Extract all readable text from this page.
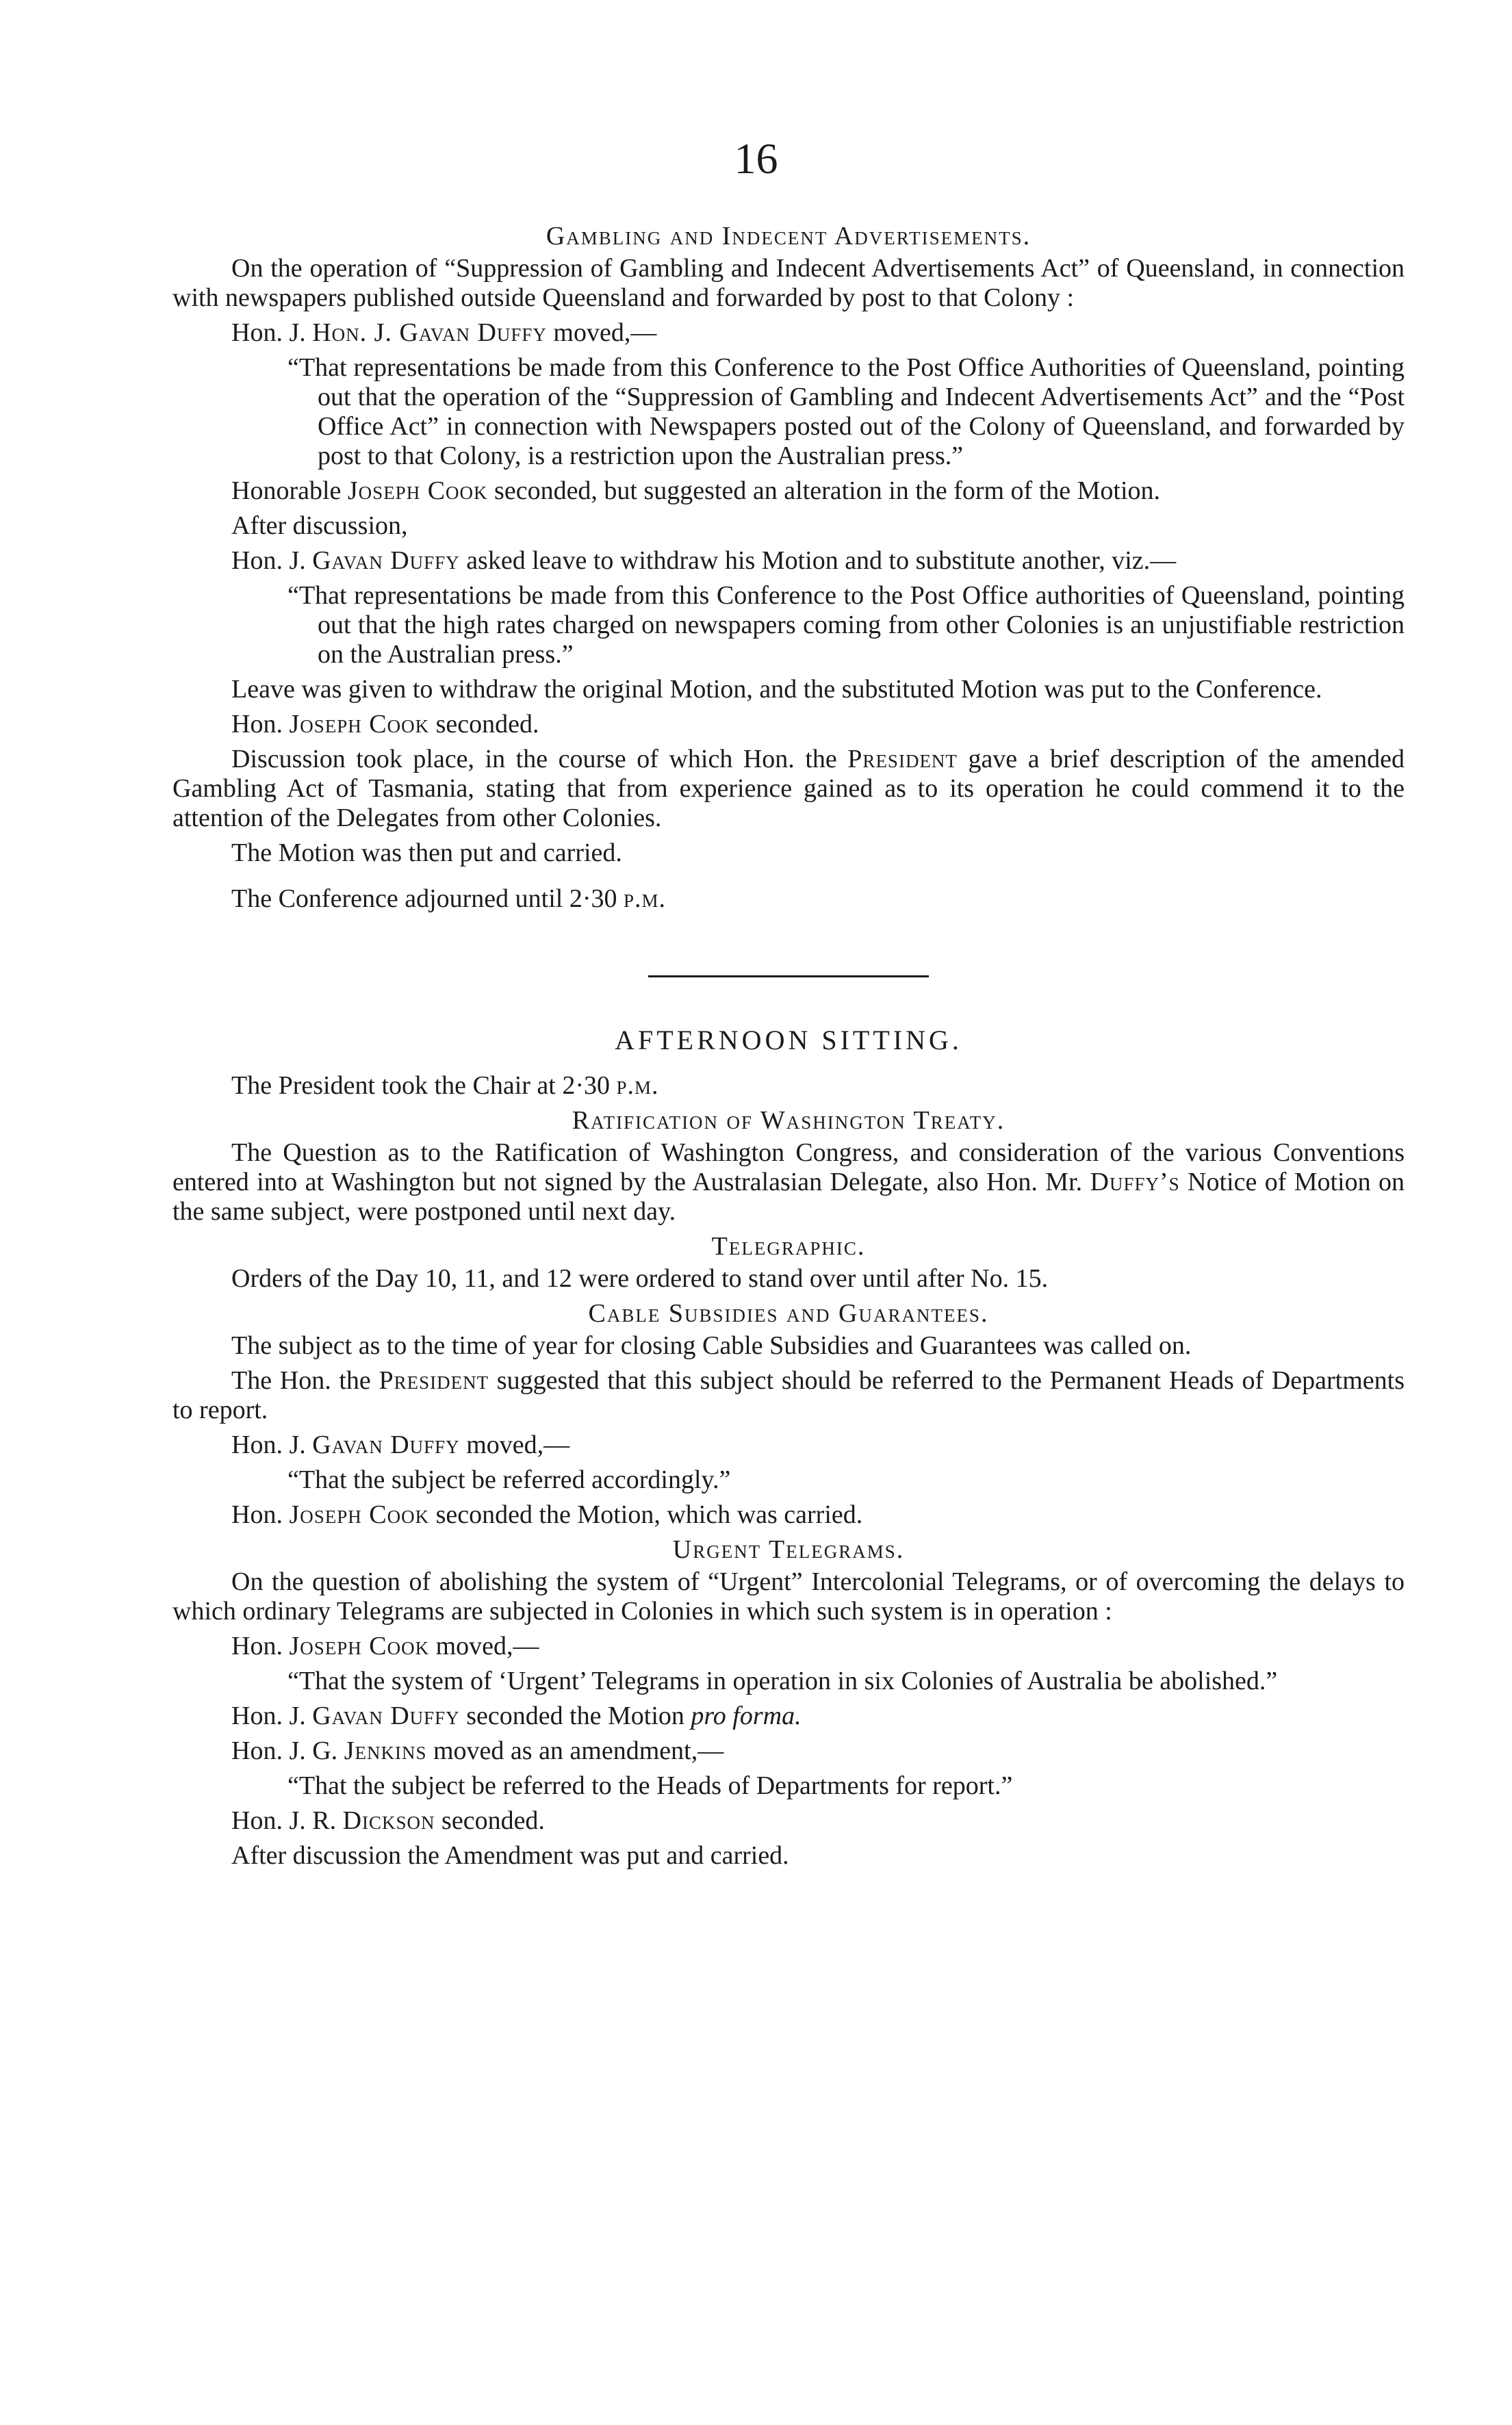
16
Gambling and Indecent Advertisements.
On the operation of “Suppression of Gambling and Indecent Advertisements Act” of Queensland, in connection with newspapers published outside Queensland and forwarded by post to that Colony :
Hon. J. Hon. J. Gavan Duffy moved,—
“That representations be made from this Conference to the Post Office Authorities of Queensland, pointing out that the operation of the “Suppression of Gambling and Indecent Advertisements Act” and the “Post Office Act” in connection with Newspapers posted out of the Colony of Queensland, and forwarded by post to that Colony, is a restriction upon the Australian press.”
Honorable Joseph Cook seconded, but suggested an alteration in the form of the Motion.
After discussion,
Hon. J. Gavan Duffy asked leave to withdraw his Motion and to substitute another, viz.—
“That representations be made from this Conference to the Post Office authorities of Queensland, pointing out that the high rates charged on newspapers coming from other Colonies is an unjustifiable restriction on the Australian press.”
Leave was given to withdraw the original Motion, and the substituted Motion was put to the Conference.
Hon. Joseph Cook seconded.
Discussion took place, in the course of which Hon. the President gave a brief description of the amended Gambling Act of Tasmania, stating that from experience gained as to its operation he could commend it to the attention of the Delegates from other Colonies.
The Motion was then put and carried.
The Conference adjourned until 2·30 p.m.
AFTERNOON SITTING.
The President took the Chair at 2·30 p.m.
Ratification of Washington Treaty.
The Question as to the Ratification of Washington Congress, and consideration of the various Conventions entered into at Washington but not signed by the Australasian Delegate, also Hon. Mr. Duffy’s Notice of Motion on the same subject, were postponed until next day.
Telegraphic.
Orders of the Day 10, 11, and 12 were ordered to stand over until after No. 15.
Cable Subsidies and Guarantees.
The subject as to the time of year for closing Cable Subsidies and Guarantees was called on.
The Hon. the President suggested that this subject should be referred to the Permanent Heads of Departments to report.
Hon. J. Gavan Duffy moved,—
“That the subject be referred accordingly.”
Hon. Joseph Cook seconded the Motion, which was carried.
Urgent Telegrams.
On the question of abolishing the system of “Urgent” Intercolonial Telegrams, or of overcoming the delays to which ordinary Telegrams are subjected in Colonies in which such system is in operation :
Hon. Joseph Cook moved,—
“That the system of ‘Urgent’ Telegrams in operation in six Colonies of Australia be abolished.”
Hon. J. Gavan Duffy seconded the Motion pro forma.
Hon. J. G. Jenkins moved as an amendment,—
“That the subject be referred to the Heads of Departments for report.”
Hon. J. R. Dickson seconded.
After discussion the Amendment was put and carried.
